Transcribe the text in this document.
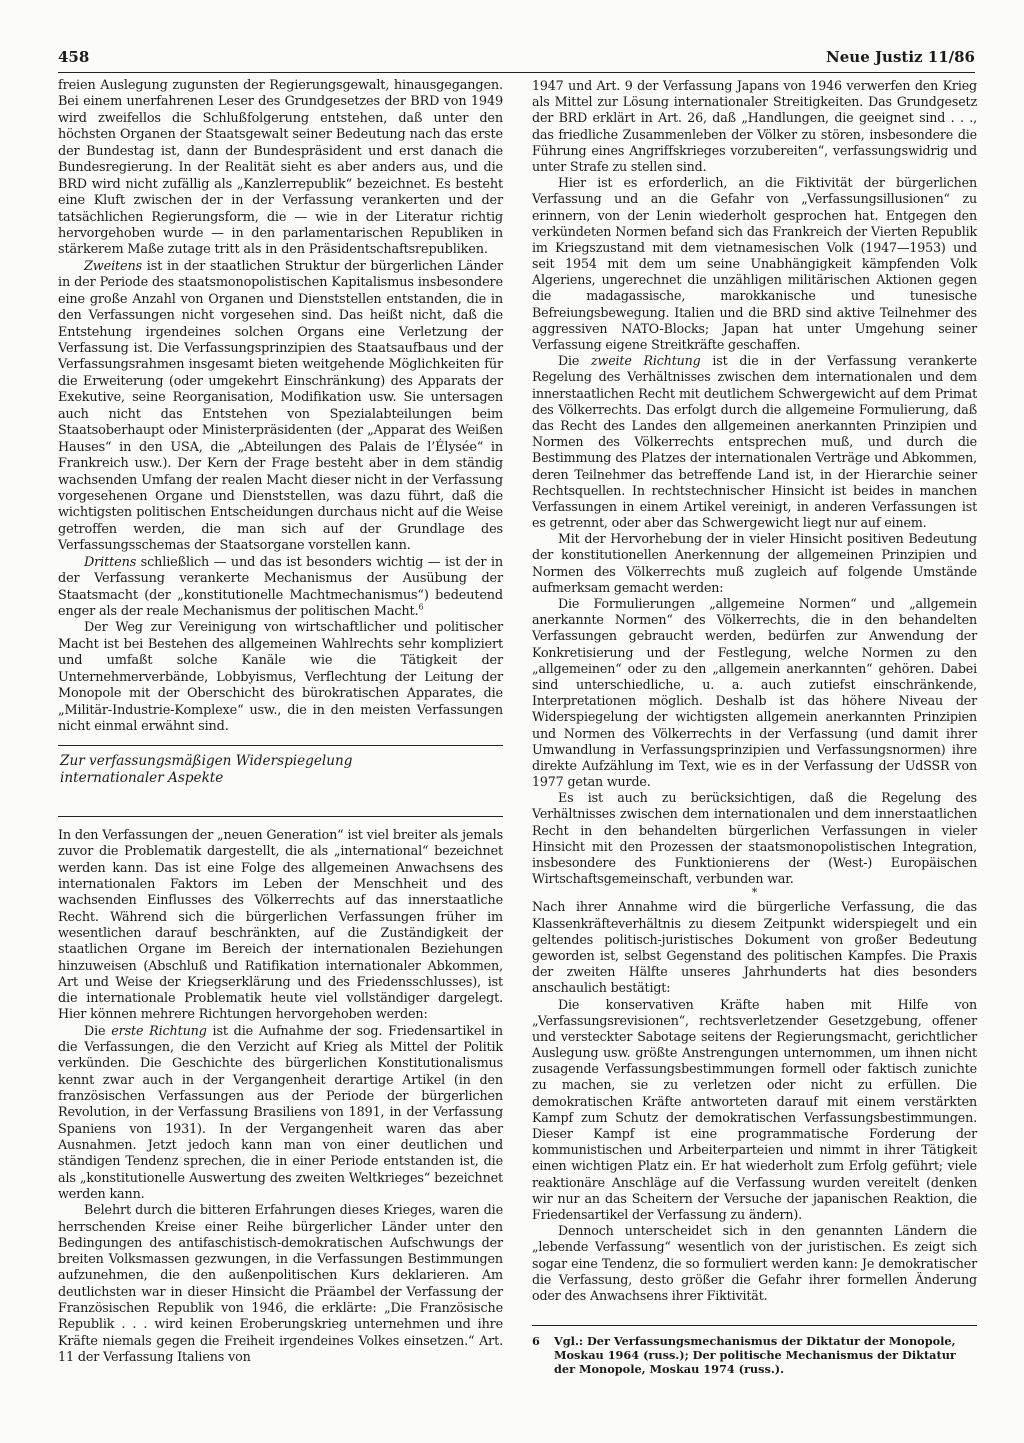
458	Neue Justiz 11/86

freien Auslegung zugunsten der Regierungsgewalt, hinausgegangen. Bei einem unerfahrenen Leser des Grundgesetzes der BRD von 1949 wird zweifellos die Schlußfolgerung entstehen, daß unter den höchsten Organen der Staatsgewalt seiner Bedeutung nach das erste der Bundestag ist, dann der Bundespräsident und erst danach die Bundesregierung. In der Realität sieht es aber anders aus, und die BRD wird nicht zufällig als „Kanzlerrepublik“ bezeichnet. Es besteht eine Kluft zwischen der in der Verfassung verankerten und der tatsächlichen Regierungsform, die — wie in der Literatur richtig hervorgehoben wurde — in den parlamentarischen Republiken in stärkerem Maße zutage tritt als in den Präsidentschaftsrepubliken.

Zweitens ist in der staatlichen Struktur der bürgerlichen Länder in der Periode des staatsmonopolistischen Kapitalismus insbesondere eine große Anzahl von Organen und Dienststellen entstanden, die in den Verfassungen nicht vorgesehen sind. Das heißt nicht, daß die Entstehung irgendeines solchen Organs eine Verletzung der Verfassung ist. Die Verfassungsprinzipien des Staatsaufbaus und der Verfassungsrahmen insgesamt bieten weitgehende Möglichkeiten für die Erweiterung (oder umgekehrt Einschränkung) des Apparats der Exekutive, seine Reorganisation, Modifikation usw. Sie untersagen auch nicht das Entstehen von Spezialabteilungen beim Staatsoberhaupt oder Ministerpräsidenten (der „Apparat des Weißen Hauses“ in den USA, die „Abteilungen des Palais de l’Élysée“ in Frankreich usw.). Der Kern der Frage besteht aber in dem ständig wachsenden Umfang der realen Macht dieser nicht in der Verfassung vorgesehenen Organe und Dienststellen, was dazu führt, daß die wichtigsten politischen Entscheidungen durchaus nicht auf die Weise getroffen werden, die man sich auf der Grundlage des Verfassungsschemas der Staatsorgane vorstellen kann.

Drittens schließlich — und das ist besonders wichtig — ist der in der Verfassung verankerte Mechanismus der Ausübung der Staatsmacht (der „konstitutionelle Machtmechanismus“) bedeutend enger als der reale Mechanismus der politischen Macht.$^6$

Der Weg zur Vereinigung von wirtschaftlicher und politischer Macht ist bei Bestehen des allgemeinen Wahlrechts sehr kompliziert und umfaßt solche Kanäle wie die Tätigkeit der Unternehmerverbände, Lobbyismus, Verflechtung der Leitung der Monopole mit der Oberschicht des bürokratischen Apparates, die „Militär-Industrie-Komplexe“ usw., die in den meisten Verfassungen nicht einmal erwähnt sind.

Zur verfassungsmäßigen Widerspiegelung
internationaler Aspekte

In den Verfassungen der „neuen Generation“ ist viel breiter als jemals zuvor die Problematik dargestellt, die als „international“ bezeichnet werden kann. Das ist eine Folge des allgemeinen Anwachsens des internationalen Faktors im Leben der Menschheit und des wachsenden Einflusses des Völkerrechts auf das innerstaatliche Recht. Während sich die bürgerlichen Verfassungen früher im wesentlichen darauf beschränkten, auf die Zuständigkeit der staatlichen Organe im Bereich der internationalen Beziehungen hinzuweisen (Abschluß und Ratifikation internationaler Abkommen, Art und Weise der Kriegserklärung und des Friedensschlusses), ist die internationale Problematik heute viel vollständiger dargelegt. Hier können mehrere Richtungen hervorgehoben werden:

Die erste Richtung ist die Aufnahme der sog. Friedensartikel in die Verfassungen, die den Verzicht auf Krieg als Mittel der Politik verkünden. Die Geschichte des bürgerlichen Konstitutionalismus kennt zwar auch in der Vergangenheit derartige Artikel (in den französischen Verfassungen aus der Periode der bürgerlichen Revolution, in der Verfassung Brasiliens von 1891, in der Verfassung Spaniens von 1931). In der Vergangenheit waren das aber Ausnahmen. Jetzt jedoch kann man von einer deutlichen und ständigen Tendenz sprechen, die in einer Periode entstanden ist, die als „konstitutionelle Auswertung des zweiten Weltkrieges“ bezeichnet werden kann.

Belehrt durch die bitteren Erfahrungen dieses Krieges, waren die herrschenden Kreise einer Reihe bürgerlicher Länder unter den Bedingungen des antifaschistisch-demokratischen Aufschwungs der breiten Volksmassen gezwungen, in die Verfassungen Bestimmungen aufzunehmen, die den außenpolitischen Kurs deklarieren. Am deutlichsten war in dieser Hinsicht die Präambel der Verfassung der Französischen Republik von 1946, die erklärte: „Die Französische Republik . . . wird keinen Eroberungskrieg unternehmen und ihre Kräfte niemals gegen die Freiheit irgendeines Volkes einsetzen.“ Art. 11 der Verfassung Italiens von

1947 und Art. 9 der Verfassung Japans von 1946 verwerfen den Krieg als Mittel zur Lösung internationaler Streitigkeiten. Das Grundgesetz der BRD erklärt in Art. 26, daß „Handlungen, die geeignet sind . . ., das friedliche Zusammenleben der Völker zu stören, insbesondere die Führung eines Angriffskrieges vorzubereiten“, verfassungswidrig und unter Strafe zu stellen sind.

Hier ist es erforderlich, an die Fiktivität der bürgerlichen Verfassung und an die Gefahr von „Verfassungsillusionen“ zu erinnern, von der Lenin wiederholt gesprochen hat. Entgegen den verkündeten Normen befand sich das Frankreich der Vierten Republik im Kriegszustand mit dem vietnamesischen Volk (1947—1953) und seit 1954 mit dem um seine Unabhängigkeit kämpfenden Volk Algeriens, ungerechnet die unzähligen militärischen Aktionen gegen die madagassische, marokkanische und tunesische Befreiungsbewegung. Italien und die BRD sind aktive Teilnehmer des aggressiven NATO-Blocks; Japan hat unter Umgehung seiner Verfassung eigene Streitkräfte geschaffen.

Die zweite Richtung ist die in der Verfassung verankerte Regelung des Verhältnisses zwischen dem internationalen und dem innerstaatlichen Recht mit deutlichem Schwergewicht auf dem Primat des Völkerrechts. Das erfolgt durch die allgemeine Formulierung, daß das Recht des Landes den allgemeinen anerkannten Prinzipien und Normen des Völkerrechts entsprechen muß, und durch die Bestimmung des Platzes der internationalen Verträge und Abkommen, deren Teilnehmer das betreffende Land ist, in der Hierarchie seiner Rechtsquellen. In rechtstechnischer Hinsicht ist beides in manchen Verfassungen in einem Artikel vereinigt, in anderen Verfassungen ist es getrennt, oder aber das Schwergewicht liegt nur auf einem.

Mit der Hervorhebung der in vieler Hinsicht positiven Bedeutung der konstitutionellen Anerkennung der allgemeinen Prinzipien und Normen des Völkerrechts muß zugleich auf folgende Umstände aufmerksam gemacht werden:

Die Formulierungen „allgemeine Normen“ und „allgemein anerkannte Normen“ des Völkerrechts, die in den behandelten Verfassungen gebraucht werden, bedürfen zur Anwendung der Konkretisierung und der Festlegung, welche Normen zu den „allgemeinen“ oder zu den „allgemein anerkannten“ gehören. Dabei sind unterschiedliche, u. a. auch zutiefst einschränkende, Interpretationen möglich. Deshalb ist das höhere Niveau der Widerspiegelung der wichtigsten allgemein anerkannten Prinzipien und Normen des Völkerrechts in der Verfassung (und damit ihrer Umwandlung in Verfassungsprinzipien und Verfassungsnormen) ihre direkte Aufzählung im Text, wie es in der Verfassung der UdSSR von 1977 getan wurde.

Es ist auch zu berücksichtigen, daß die Regelung des Verhältnisses zwischen dem internationalen und dem innerstaatlichen Recht in den behandelten bürgerlichen Verfassungen in vieler Hinsicht mit den Prozessen der staatsmonopolistischen Integration, insbesondere des Funktionierens der (West-) Europäischen Wirtschaftsgemeinschaft, verbunden war.

*

Nach ihrer Annahme wird die bürgerliche Verfassung, die das Klassenkräfteverhältnis zu diesem Zeitpunkt widerspiegelt und ein geltendes politisch-juristisches Dokument von großer Bedeutung geworden ist, selbst Gegenstand des politischen Kampfes. Die Praxis der zweiten Hälfte unseres Jahrhunderts hat dies besonders anschaulich bestätigt:

Die konservativen Kräfte haben mit Hilfe von „Verfassungsrevisionen“, rechtsverletzender Gesetzgebung, offener und versteckter Sabotage seitens der Regierungsmacht, gerichtlicher Auslegung usw. größte Anstrengungen unternommen, um ihnen nicht zusagende Verfassungsbestimmungen formell oder faktisch zunichte zu machen, sie zu verletzen oder nicht zu erfüllen. Die demokratischen Kräfte antworteten darauf mit einem verstärkten Kampf zum Schutz der demokratischen Verfassungsbestimmungen. Dieser Kampf ist eine programmatische Forderung der kommunistischen und Arbeiterparteien und nimmt in ihrer Tätigkeit einen wichtigen Platz ein. Er hat wiederholt zum Erfolg geführt; viele reaktionäre Anschläge auf die Verfassung wurden vereitelt (denken wir nur an das Scheitern der Versuche der japanischen Reaktion, die Friedensartikel der Verfassung zu ändern).

Dennoch unterscheidet sich in den genannten Ländern die „lebende Verfassung“ wesentlich von der juristischen. Es zeigt sich sogar eine Tendenz, die so formuliert werden kann: Je demokratischer die Verfassung, desto größer die Gefahr ihrer formellen Änderung oder des Anwachsens ihrer Fiktivität.

6 Vgl.: Der Verfassungsmechanismus der Diktatur der Monopole, Moskau 1964 (russ.); Der politische Mechanismus der Diktatur der Monopole, Moskau 1974 (russ.).
